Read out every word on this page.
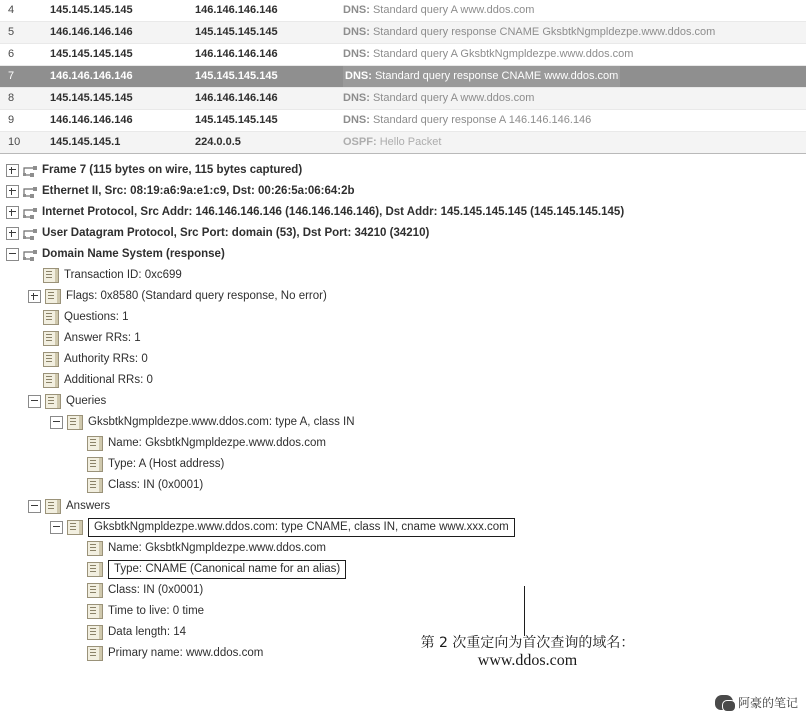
4	145.145.145.145	146.146.146.146	DNS: Standard query A www.ddos.com
5	146.146.146.146	145.145.145.145	DNS: Standard query response CNAME GksbtkNgmpldezpe.www.ddos.com
6	145.145.145.145	146.146.146.146	DNS: Standard query A GksbtkNgmpldezpe.www.ddos.com
7	146.146.146.146	145.145.145.145	DNS: Standard query response CNAME www.ddos.com
8	145.145.145.145	146.146.146.146	DNS: Standard query A www.ddos.com
9	146.146.146.146	145.145.145.145	DNS: Standard query response A 146.146.146.146
10	145.145.145.1	224.0.0.5	OSPF: Hello Packet
Frame 7 (115 bytes on wire, 115 bytes captured)
Ethernet II, Src: 08:19:a6:9a:e1:c9, Dst: 00:26:5a:06:64:2b
Internet Protocol, Src Addr: 146.146.146.146 (146.146.146.146), Dst Addr: 145.145.145.145 (145.145.145.145)
User Datagram Protocol, Src Port: domain (53), Dst Port: 34210 (34210)
Domain Name System (response)
Transaction ID: 0xc699
Flags: 0x8580 (Standard query response, No error)
Questions: 1
Answer RRs: 1
Authority RRs: 0
Additional RRs: 0
Queries
GksbtkNgmpldezpe.www.ddos.com: type A, class IN
Name: GksbtkNgmpldezpe.www.ddos.com
Type: A (Host address)
Class: IN (0x0001)
Answers
GksbtkNgmpldezpe.www.ddos.com: type CNAME, class IN, cname www.xxx.com
Name: GksbtkNgmpldezpe.www.ddos.com
Type: CNAME (Canonical name for an alias)
Class: IN (0x0001)
Time to live: 0 time
Data length: 14
Primary name: www.ddos.com
第 2 次重定向为首次查询的域名：
www.ddos.com
阿豪的笔记
